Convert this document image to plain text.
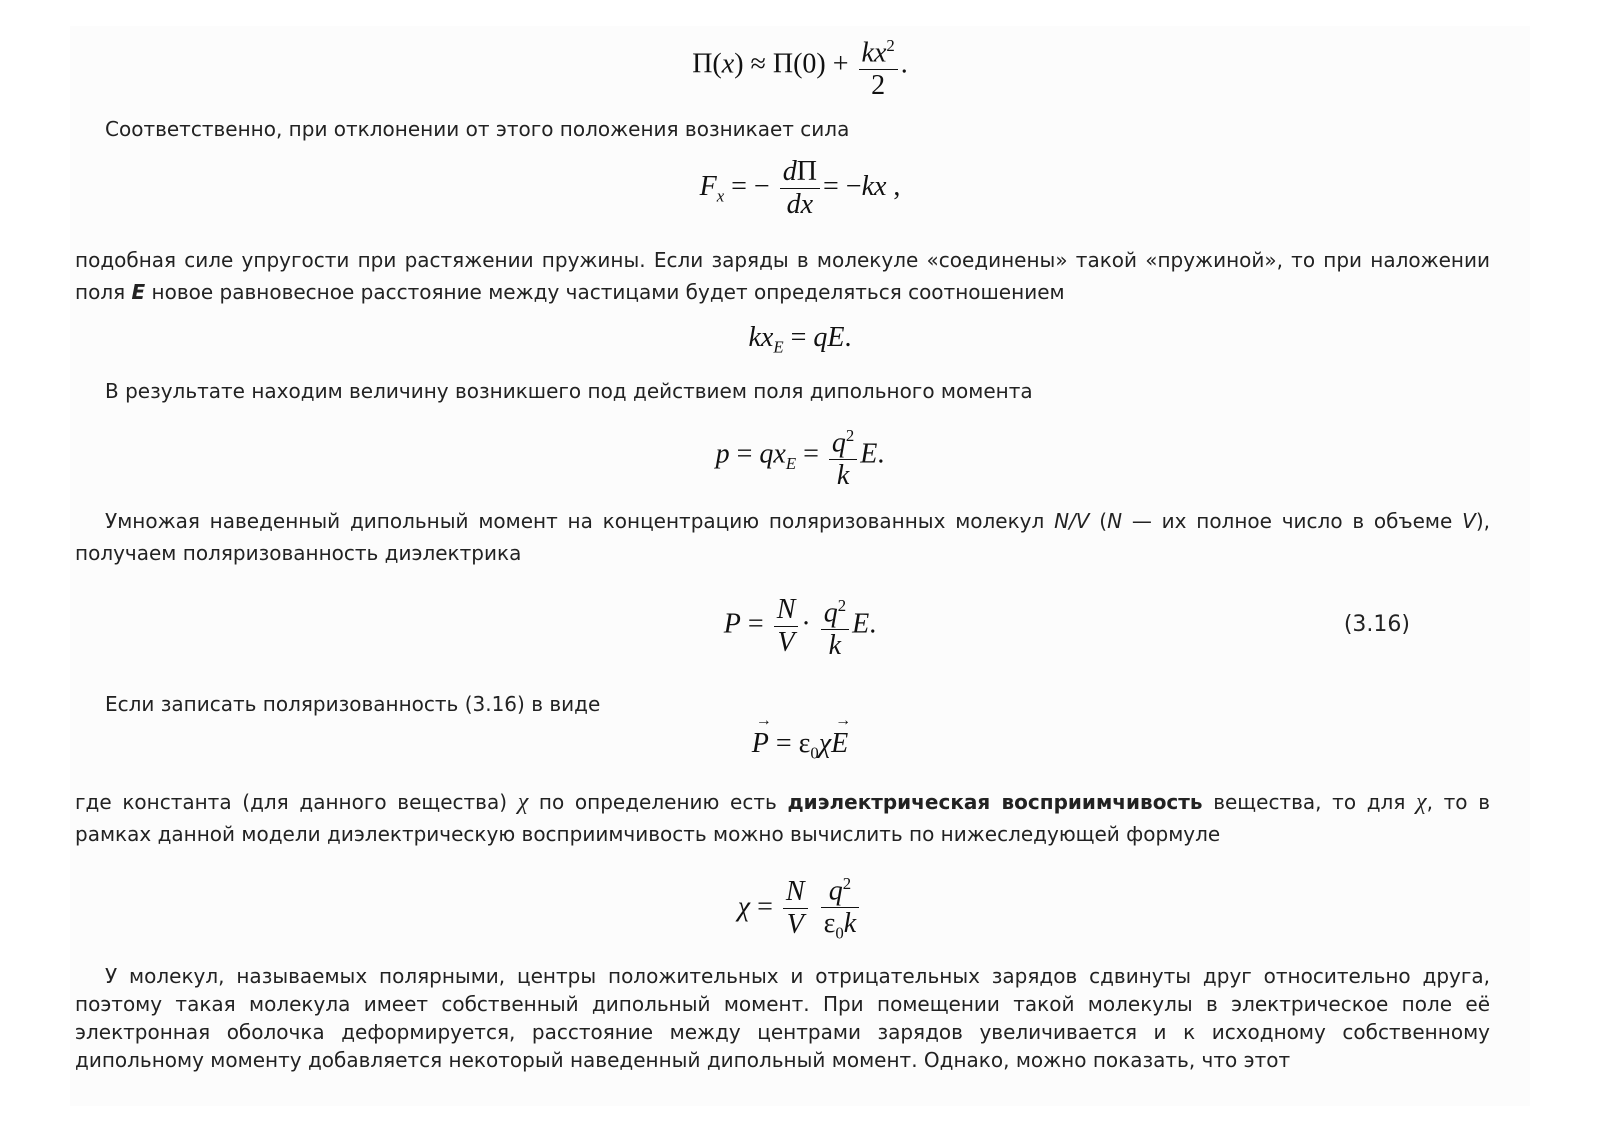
$\Pi(x) \approx \Pi(0) + \frac{kx^2}{2}$ .

Соответственно, при отклонении от этого положения возникает сила

$F_x$ = − $\frac{d\Pi}{dx} = -kx$ ,

подобная силе упругости при растяжении пружины. Если заряды в молекуле «соединены» такой «пружиной», то при наложении поля E новое равновесное расстояние между частицами будет определяться соотношением

$kx_E$ = qE.

В результате находим величину возникшего под действием поля дипольного момента

$p = qx_E = \frac{q^2}{k} E$.

Умножая наведенный дипольный момент на концентрацию поляризованных молекул N/V (N — их полное число в объеме V), получаем поляризованность диэлектрика

$P = \frac{N}{V} \cdot \frac{q^2}{k} E$.	(3.16)

Если записать поляризованность (3.16) в виде

→ $P = \varepsilon_0\chi\to E$

где константа (для данного вещества) χ по определению есть диэлектрическая восприимчивость вещества, то для χ, то в рамках данной модели диэлектрическую восприимчивость можно вычислить по нижеследующей формуле

$\chi = \frac{N}{V}$
$\frac{q^2}{\varepsilon_0k}$

У молекул, называемых полярными, центры положительных и отрицательных зарядов сдвинуты друг относительно друга, поэтому такая молекула имеет собственный дипольный момент. При помещении такой молекулы в электрическое поле её электронная оболочка деформируется, расстояние между центрами зарядов увеличивается и к исходному собственному дипольному моменту добавляется некоторый наведенный дипольный момент. Однако, можно показать, что этот
